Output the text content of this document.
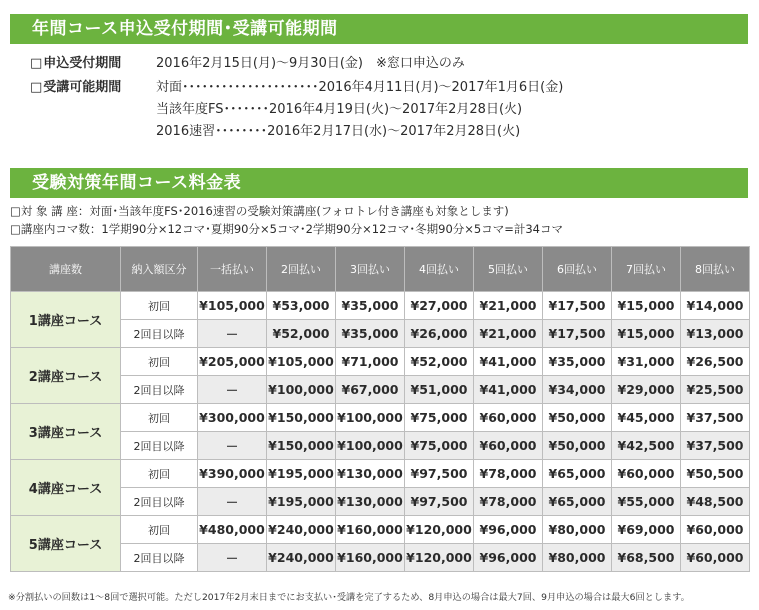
年間コース申込受付期間･受講可能期間
□ 申込受付期間	2016年2月15日(月)～9月30日(金)　※窓口申込のみ
□ 受講可能期間	対面･････････････････････2016年4月11日(月)～2017年1月6日(金)
当該年度FS･･･････2016年4月19日(火)～2017年2月28日(火)
2016速習････････2016年2月17日(水)～2017年2月28日(火)
受験対策年間コース料金表
□ 対 象 講 座：対面･当該年度FS･2016速習の受験対策講座(フォロトレ付き講座も対象とします)
□ 講座内コマ数：1学期90分×12コマ･夏期90分×5コマ･2学期90分×12コマ･冬期90分×5コマ=計34コマ
講座数	納入額区分	一括払い	2回払い	3回払い	4回払い	5回払い	6回払い	7回払い	8回払い
1講座コース	初回	¥105,000	¥53,000	¥35,000	¥27,000	¥21,000	¥17,500	¥15,000	¥14,000
	2回目以降	－	¥52,000	¥35,000	¥26,000	¥21,000	¥17,500	¥15,000	¥13,000
2講座コース	初回	¥205,000	¥105,000	¥71,000	¥52,000	¥41,000	¥35,000	¥31,000	¥26,500
	2回目以降	－	¥100,000	¥67,000	¥51,000	¥41,000	¥34,000	¥29,000	¥25,500
3講座コース	初回	¥300,000	¥150,000	¥100,000	¥75,000	¥60,000	¥50,000	¥45,000	¥37,500
	2回目以降	－	¥150,000	¥100,000	¥75,000	¥60,000	¥50,000	¥42,500	¥37,500
4講座コース	初回	¥390,000	¥195,000	¥130,000	¥97,500	¥78,000	¥65,000	¥60,000	¥50,500
	2回目以降	－	¥195,000	¥130,000	¥97,500	¥78,000	¥65,000	¥55,000	¥48,500
5講座コース	初回	¥480,000	¥240,000	¥160,000	¥120,000	¥96,000	¥80,000	¥69,000	¥60,000
	2回目以降	－	¥240,000	¥160,000	¥120,000	¥96,000	¥80,000	¥68,500	¥60,000
※分割払いの回数は1～8回で選択可能。ただし2017年2月末日までにお支払い･受講を完了するため、8月申込の場合は最大7回、9月申込の場合は最大6回とします。
